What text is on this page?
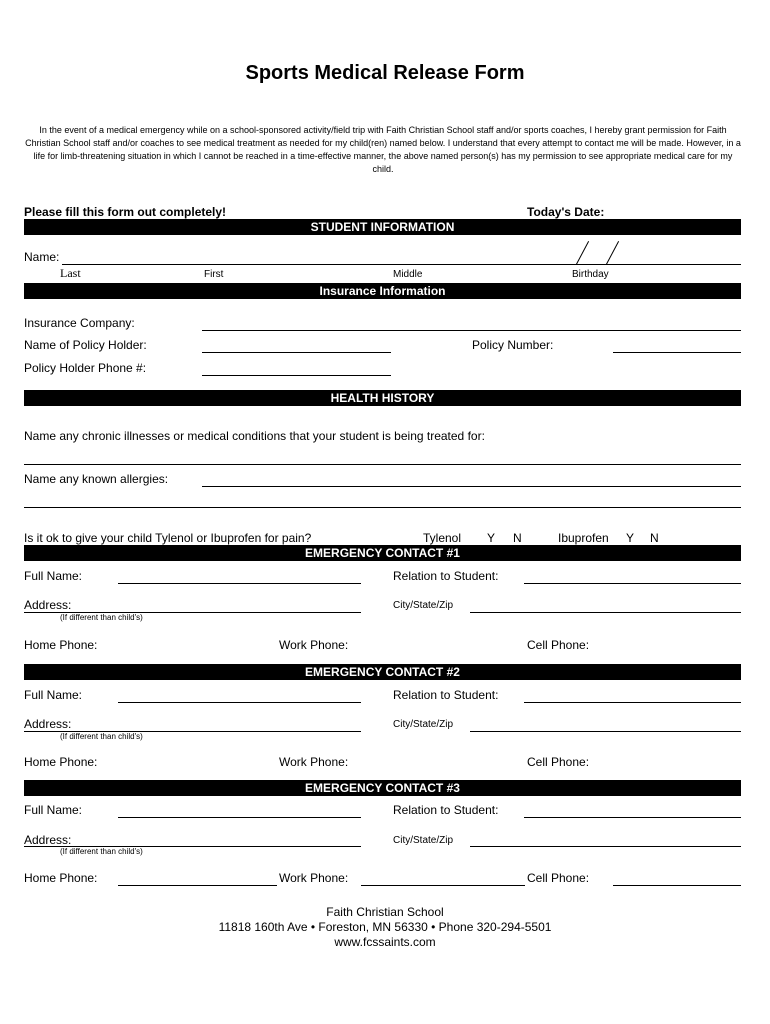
Sports Medical Release Form
In the event of a medical emergency while on a school-sponsored activity/field trip with Faith Christian School staff and/or sports coaches, I hereby grant permission for Faith Christian School staff and/or coaches to see medical treatment as needed for my child(ren) named below. I understand that every attempt to contact me will be made. However, in a life for limb-threatening situation in which I cannot be reached in a time-effective manner, the above named person(s) has my permission to see appropriate medical care for my child.
Please fill this form out completely!	Today's Date:
STUDENT INFORMATION
Name:
Last	First	Middle	Birthday
Insurance Information
Insurance Company:
Name of Policy Holder:	Policy Number:
Policy Holder Phone #:
HEALTH HISTORY
Name any chronic illnesses or medical conditions that your student is being treated for:
Name any known allergies:
Is it ok to give your child Tylenol or Ibuprofen for pain?	Tylenol Y N	Ibuprofen Y N
EMERGENCY CONTACT #1
Full Name:	Relation to Student:
Address:
(If different than child's)
City/State/Zip
Home Phone:	Work Phone:	Cell Phone:
EMERGENCY CONTACT #2
Full Name:	Relation to Student:
Address:
(If different than child's)
City/State/Zip
Home Phone:	Work Phone:	Cell Phone:
EMERGENCY CONTACT #3
Full Name:	Relation to Student:
Address:
(If different than child's)
City/State/Zip
Home Phone:	Work Phone:	Cell Phone:
Faith Christian School
11818 160th Ave • Foreston, MN 56330 • Phone 320-294-5501
www.fcssaints.com
